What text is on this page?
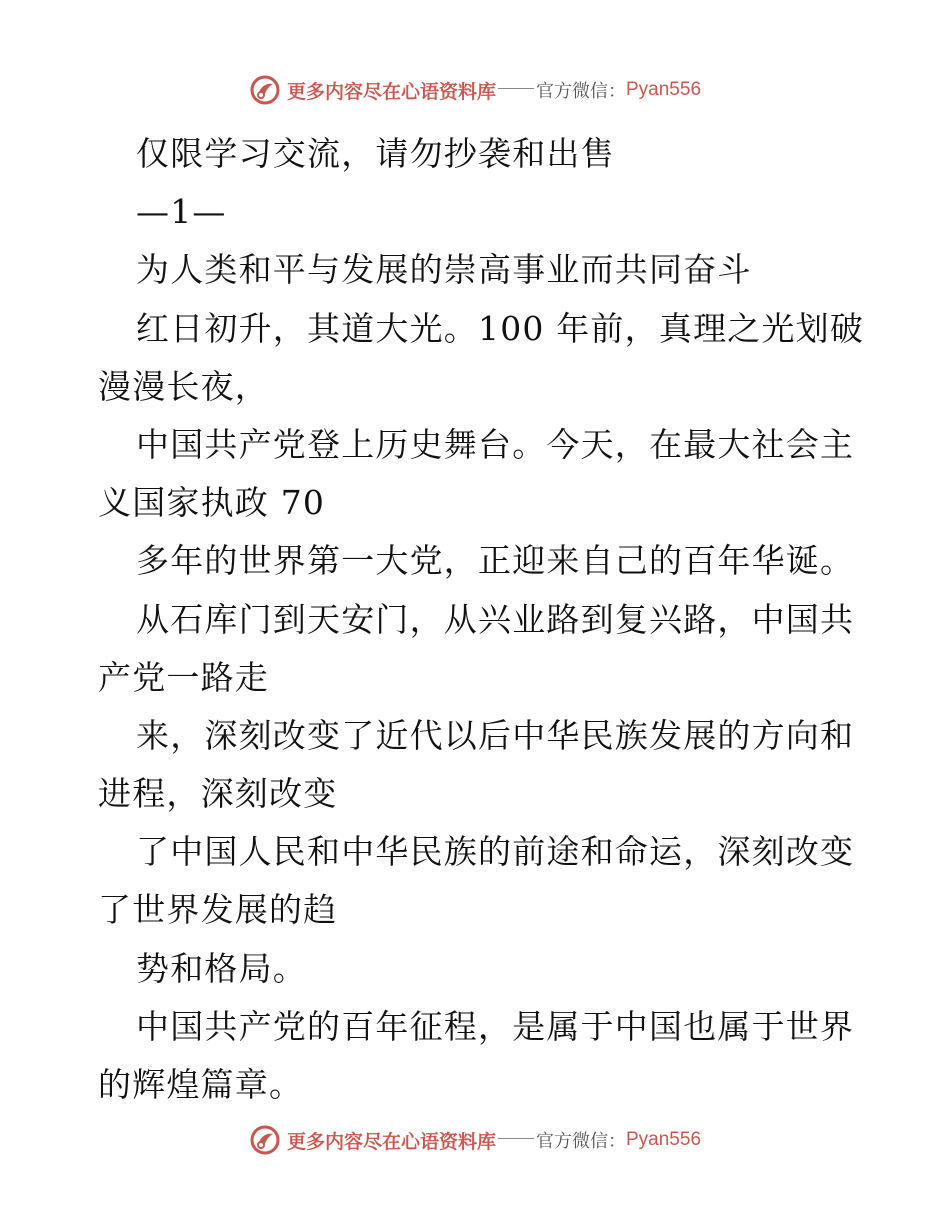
更多内容尽在心语资料库 官方微信： Pyan556
仅限学习交流，请勿抄袭和出售
—1—
为人类和平与发展的崇高事业而共同奋斗
红日初升，其道大光。100 年前，真理之光划破
漫漫长夜，
中国共产党登上历史舞台。今天，在最大社会主
义国家执政 70
多年的世界第一大党，正迎来自己的百年华诞。
从石库门到天安门，从兴业路到复兴路，中国共
产党一路走
来，深刻改变了近代以后中华民族发展的方向和
进程，深刻改变
了中国人民和中华民族的前途和命运，深刻改变
了世界发展的趋
势和格局。
中国共产党的百年征程，是属于中国也属于世界
的辉煌篇章。
更多内容尽在心语资料库 官方微信： Pyan556
